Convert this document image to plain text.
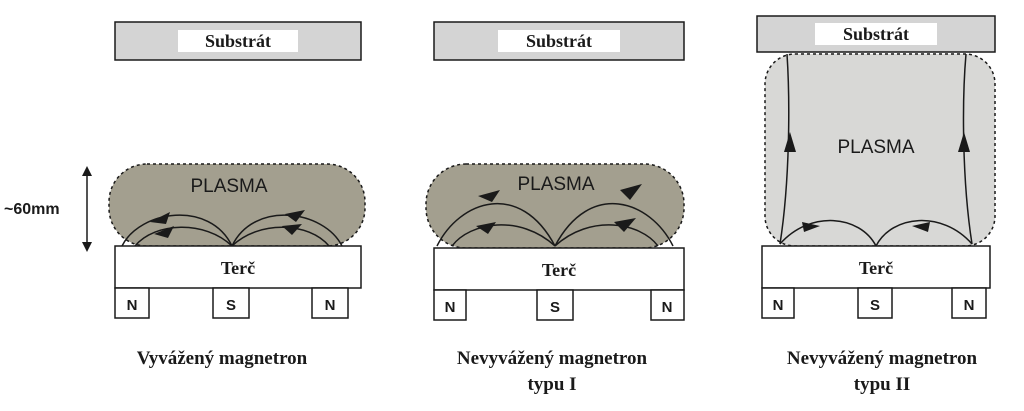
~60mm
Substrát
PLASMA
Terč
N	S	N
Vyvážený magnetron
Substrát
PLASMA
Terč
N	S	N
Nevyvážený magnetron
typu I
Substrát
PLASMA
Terč
N	S	N
Nevyvážený magnetron
typu II
